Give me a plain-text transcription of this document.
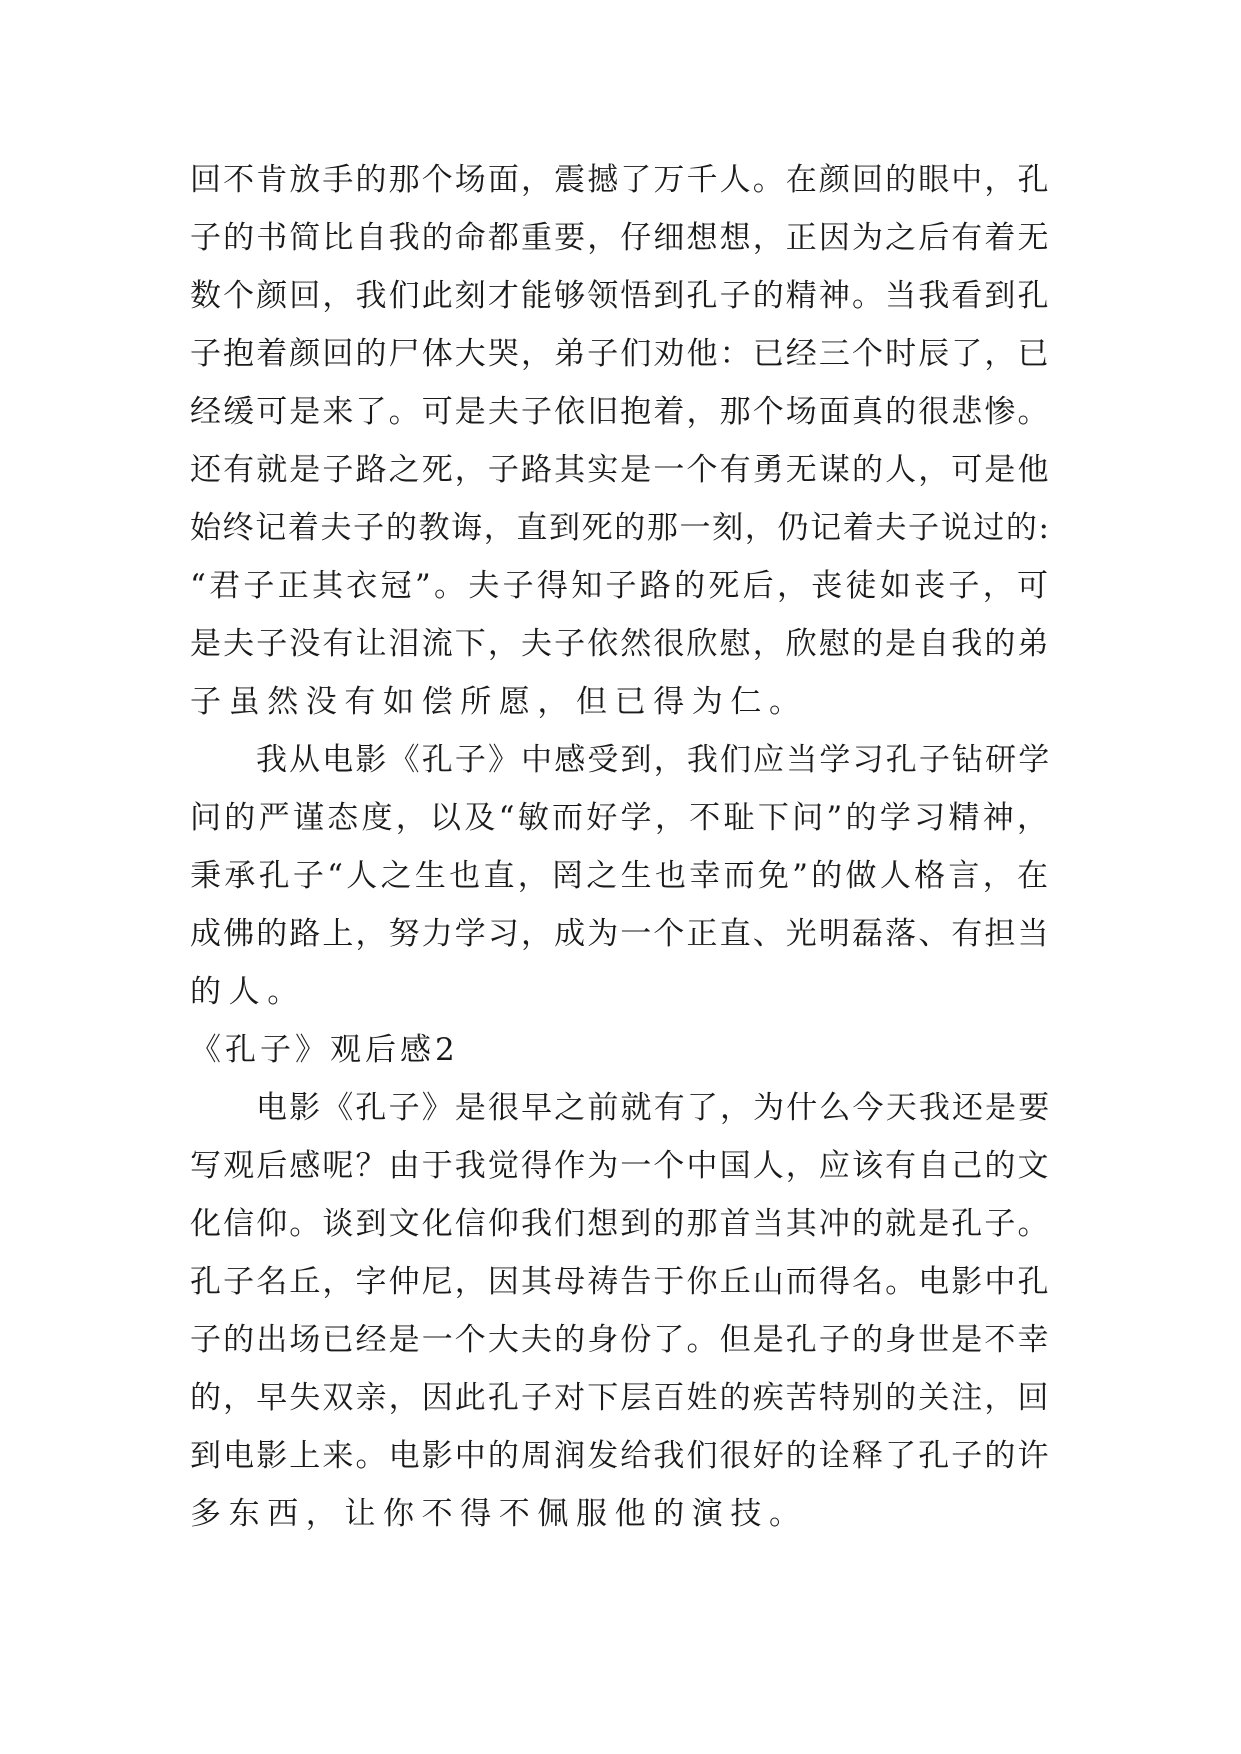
回不肯放手的那个场面，震撼了万千人。在颜回的眼中，孔
子的书简比自我的命都重要，仔细想想，正因为之后有着无
数个颜回，我们此刻才能够领悟到孔子的精神。当我看到孔
子抱着颜回的尸体大哭，弟子们劝他：已经三个时辰了，已
经缓可是来了。可是夫子依旧抱着，那个场面真的很悲惨。
还有就是子路之死，子路其实是一个有勇无谋的人，可是他
始终记着夫子的教诲，直到死的那一刻，仍记着夫子说过的:
“君子正其衣冠”。夫子得知子路的死后，丧徒如丧子，可
是夫子没有让泪流下，夫子依然很欣慰，欣慰的是自我的弟
子虽然没有如偿所愿，但已得为仁。
我从电影《孔子》中感受到，我们应当学习孔子钻研学
问的严谨态度，以及“敏而好学，不耻下问”的学习精神，
秉承孔子“人之生也直，罔之生也幸而免”的做人格言，在
成佛的路上，努力学习，成为一个正直、光明磊落、有担当
的人。
《孔子》观后感2
电影《孔子》是很早之前就有了，为什么今天我还是要
写观后感呢？由于我觉得作为一个中国人，应该有自己的文
化信仰。谈到文化信仰我们想到的那首当其冲的就是孔子。
孔子名丘，字仲尼，因其母祷告于你丘山而得名。电影中孔
子的出场已经是一个大夫的身份了。但是孔子的身世是不幸
的，早失双亲，因此孔子对下层百姓的疾苦特别的关注，回
到电影上来。电影中的周润发给我们很好的诠释了孔子的许
多东西，让你不得不佩服他的演技。
